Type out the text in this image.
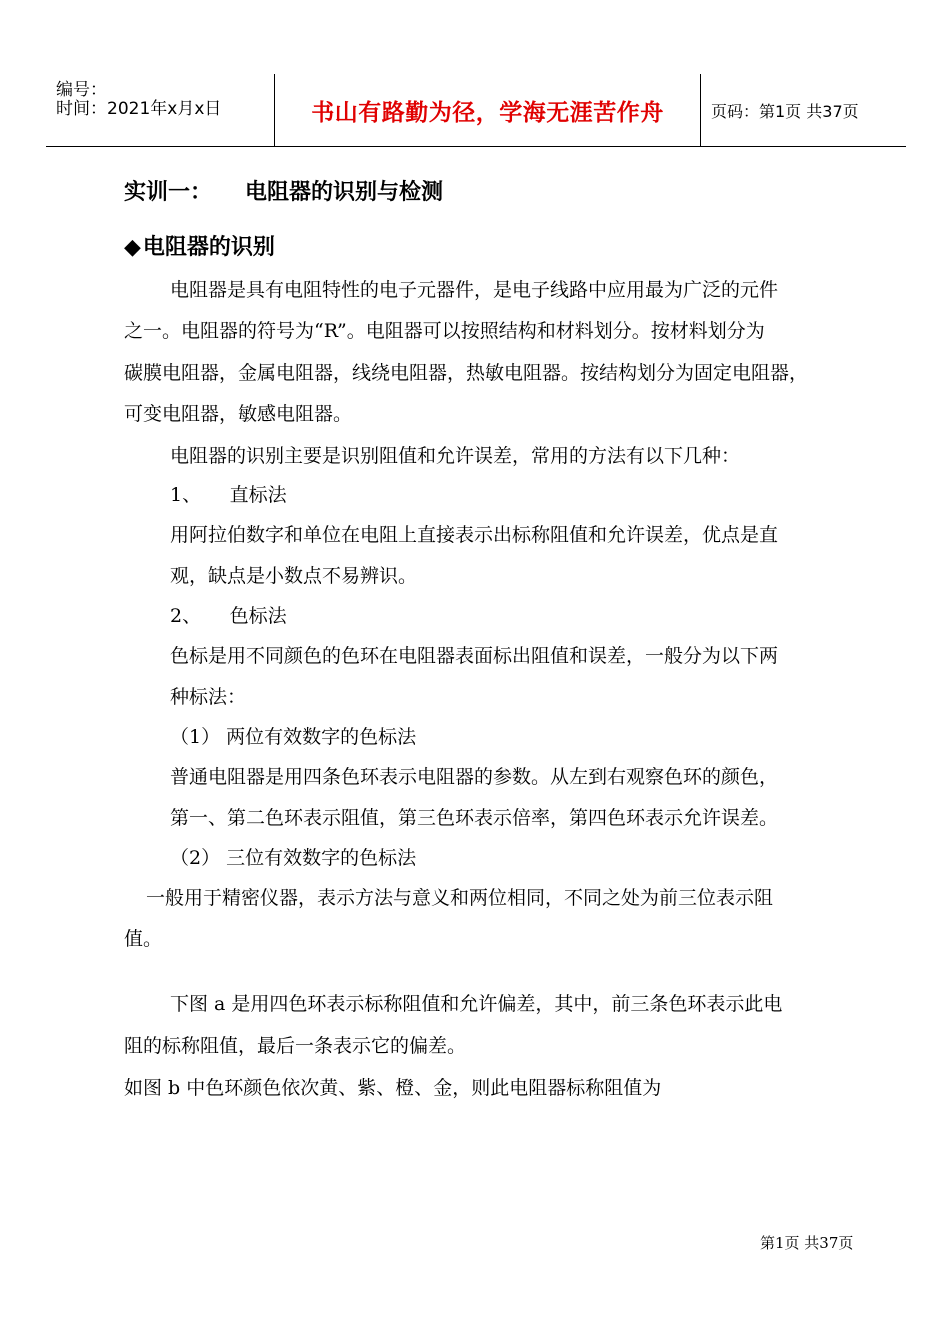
编号：
时间：2021年x月x日	书山有路勤为径，学海无涯苦作舟	页码：第1页 共37页
实训一：　　电阻器的识别与检测
◆电阻器的识别
电阻器是具有电阻特性的电子元器件，是电子线路中应用最为广泛的元件
之一。电阻器的符号为“R”。电阻器可以按照结构和材料划分。按材料划分为
碳膜电阻器，金属电阻器，线绕电阻器，热敏电阻器。按结构划分为固定电阻器，
可变电阻器，敏感电阻器。
电阻器的识别主要是识别阻值和允许误差，常用的方法有以下几种：
1、　　直标法
用阿拉伯数字和单位在电阻上直接表示出标称阻值和允许误差，优点是直
观，缺点是小数点不易辨识。
2、　　色标法
色标是用不同颜色的色环在电阻器表面标出阻值和误差，一般分为以下两
种标法：
（1） 两位有效数字的色标法
普通电阻器是用四条色环表示电阻器的参数。从左到右观察色环的颜色，
第一、第二色环表示阻值，第三色环表示倍率，第四色环表示允许误差。
（2） 三位有效数字的色标法
一般用于精密仪器，表示方法与意义和两位相同，不同之处为前三位表示阻
值。
下图 a 是用四色环表示标称阻值和允许偏差，其中，前三条色环表示此电
阻的标称阻值，最后一条表示它的偏差。
如图 b 中色环颜色依次黄、紫、橙、金，则此电阻器标称阻值为
第1页 共37页
